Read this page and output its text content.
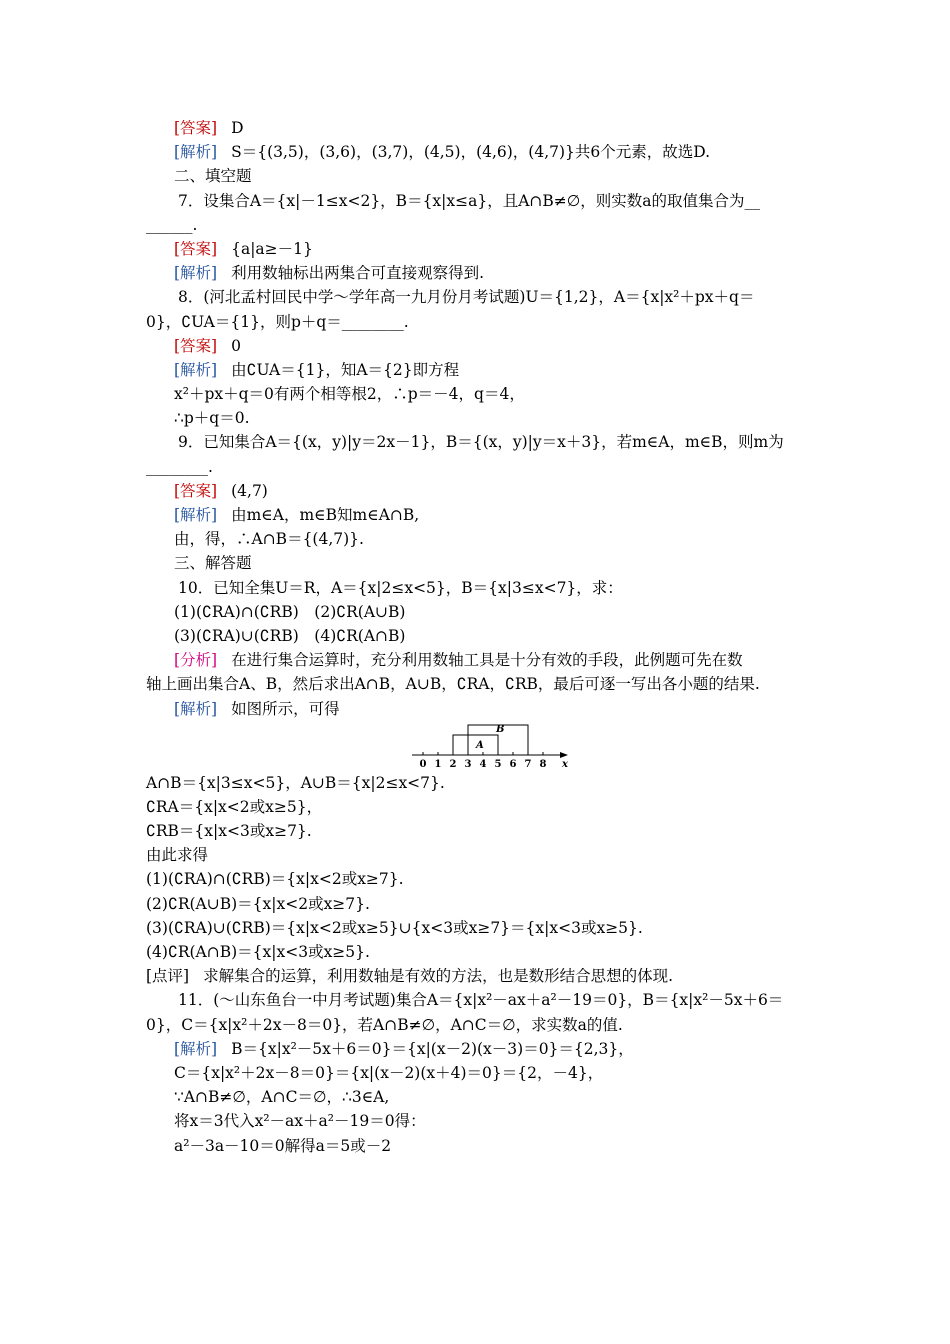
[答案] D
[解析] S＝{(3,5)，(3,6)，(3,7)，(4,5)，(4,6)，(4,7)}共6个元素，故选D.
二、填空题
7．设集合A＝{x|－1≤x<2}，B＝{x|x≤a}，且A∩B≠∅，则实数a的取值集合为__
______.
[答案] {a|a≥－1}
[解析] 利用数轴标出两集合可直接观察得到.
8．(河北孟村回民中学～学年高一九月份月考试题)U＝{1,2}，A＝{x|x²＋px＋q＝
0}，∁UA＝{1}，则p＋q＝________.
[答案] 0
[解析] 由∁UA＝{1}，知A＝{2}即方程
x²＋px＋q＝0有两个相等根2，∴p＝－4，q＝4，
∴p＋q＝0.
9．已知集合A＝{(x，y)|y＝2x－1}，B＝{(x，y)|y＝x＋3}，若m∈A，m∈B，则m为
________.
[答案] (4,7)
[解析] 由m∈A，m∈B知m∈A∩B,
由，得，∴A∩B＝{(4,7)}.
三、解答题
10．已知全集U＝R，A＝{x|2≤x<5}，B＝{x|3≤x<7}，求：
(1)(∁RA)∩(∁RB)　(2)∁R(A∪B)
(3)(∁RA)∪(∁RB)　(4)∁R(A∩B)
[分析] 在进行集合运算时，充分利用数轴工具是十分有效的手段，此例题可先在数
轴上画出集合A、B，然后求出A∩B，A∪B，∁RA，∁RB，最后可逐一写出各小题的结果.
[解析] 如图所示，可得
A
B
0 1 2 3 4 5 6 7 8 x
A∩B＝{x|3≤x<5}，A∪B＝{x|2≤x<7}.
∁RA＝{x|x<2或x≥5}，
∁RB＝{x|x<3或x≥7}.
由此求得
(1)(∁RA)∩(∁RB)＝{x|x<2或x≥7}.
(2)∁R(A∪B)＝{x|x<2或x≥7}.
(3)(∁RA)∪(∁RB)＝{x|x<2或x≥5}∪{x<3或x≥7}＝{x|x<3或x≥5}.
(4)∁R(A∩B)＝{x|x<3或x≥5}.
[点评] 求解集合的运算，利用数轴是有效的方法，也是数形结合思想的体现.
11．(～山东鱼台一中月考试题)集合A＝{x|x²－ax＋a²－19＝0}，B＝{x|x²－5x＋6＝
0}，C＝{x|x²＋2x－8＝0}，若A∩B≠∅，A∩C＝∅，求实数a的值.
[解析] B＝{x|x²－5x＋6＝0}＝{x|(x－2)(x－3)＝0}＝{2,3}，
C＝{x|x²＋2x－8＝0}＝{x|(x－2)(x＋4)＝0}＝{2，－4}，
∵A∩B≠∅，A∩C＝∅，∴3∈A,
将x＝3代入x²－ax＋a²－19＝0得：
a²－3a－10＝0解得a＝5或－2
